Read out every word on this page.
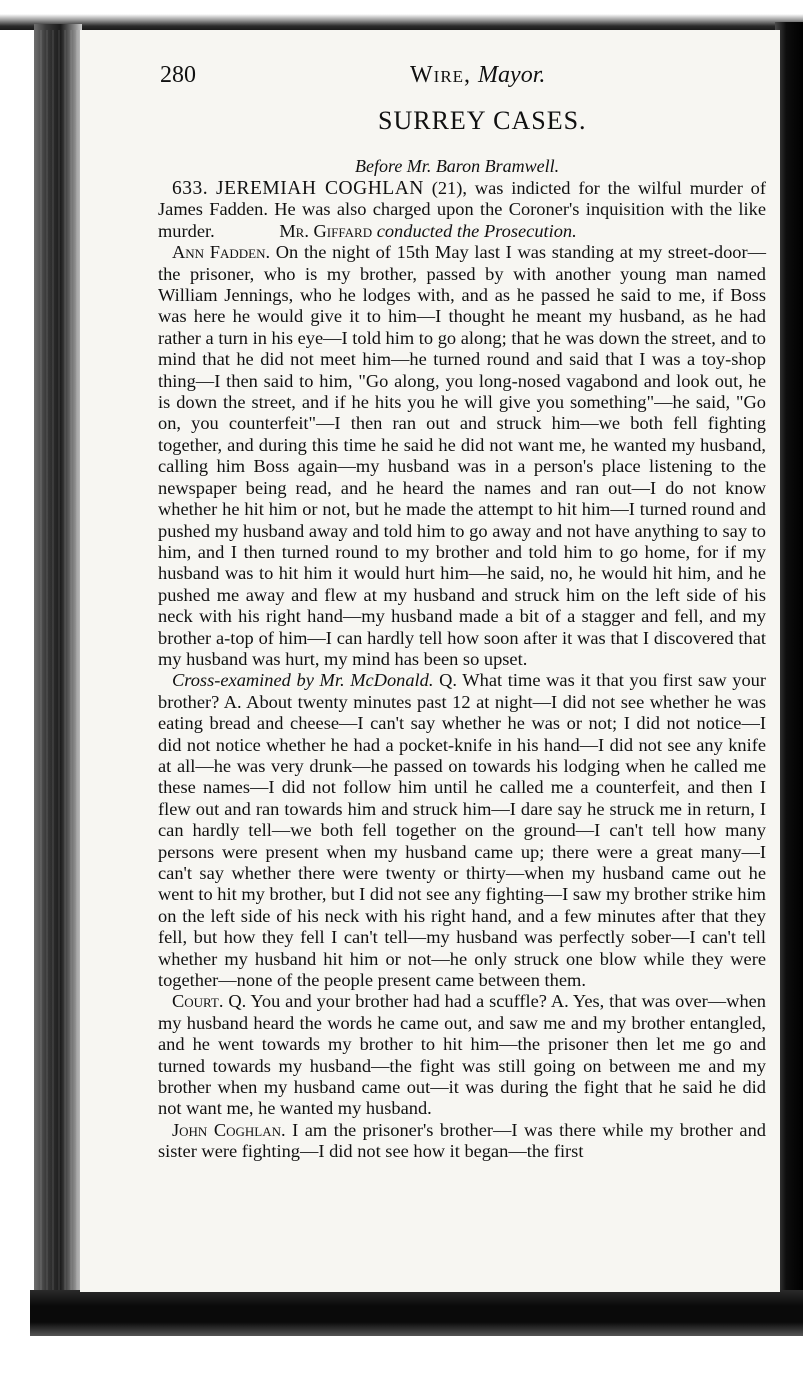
280	Wire, Mayor.
SURREY CASES.
Before Mr. Baron Bramwell.

633. JEREMIAH COGHLAN (21), was indicted for the wilful murder of James Fadden. He was also charged upon the Coroner's inquisition with the like murder.	Mr. Giffard conducted the Prosecution.

Ann Fadden. On the night of 15th May last I was standing at my street-door—the prisoner, who is my brother, passed by with another young man named William Jennings, who he lodges with, and as he passed he said to me, if Boss was here he would give it to him—I thought he meant my husband, as he had rather a turn in his eye—I told him to go along; that he was down the street, and to mind that he did not meet him—he turned round and said that I was a toy-shop thing—I then said to him, "Go along, you long-nosed vagabond and look out, he is down the street, and if he hits you he will give you something"—he said, "Go on, you counterfeit"—I then ran out and struck him—we both fell fighting together, and during this time he said he did not want me, he wanted my husband, calling him Boss again—my husband was in a person's place listening to the newspaper being read, and he heard the names and ran out—I do not know whether he hit him or not, but he made the attempt to hit him—I turned round and pushed my husband away and told him to go away and not have anything to say to him, and I then turned round to my brother and told him to go home, for if my husband was to hit him it would hurt him—he said, no, he would hit him, and he pushed me away and flew at my husband and struck him on the left side of his neck with his right hand—my husband made a bit of a stagger and fell, and my brother a-top of him—I can hardly tell how soon after it was that I discovered that my husband was hurt, my mind has been so upset.

Cross-examined by Mr. McDonald. Q. What time was it that you first saw your brother? A. About twenty minutes past 12 at night—I did not see whether he was eating bread and cheese—I can't say whether he was or not; I did not notice—I did not notice whether he had a pocket-knife in his hand—I did not see any knife at all—he was very drunk—he passed on towards his lodging when he called me these names—I did not follow him until he called me a counterfeit, and then I flew out and ran towards him and struck him—I dare say he struck me in return, I can hardly tell—we both fell together on the ground—I can't tell how many persons were present when my husband came up; there were a great many—I can't say whether there were twenty or thirty—when my husband came out he went to hit my brother, but I did not see any fighting—I saw my brother strike him on the left side of his neck with his right hand, and a few minutes after that they fell, but how they fell I can't tell—my husband was perfectly sober—I can't tell whether my husband hit him or not—he only struck one blow while they were together—none of the people present came between them.

Court. Q. You and your brother had had a scuffle? A. Yes, that was over—when my husband heard the words he came out, and saw me and my brother entangled, and he went towards my brother to hit him—the prisoner then let me go and turned towards my husband—the fight was still going on between me and my brother when my husband came out—it was during the fight that he said he did not want me, he wanted my husband.

John Coghlan. I am the prisoner's brother—I was there while my brother and sister were fighting—I did not see how it began—the first
